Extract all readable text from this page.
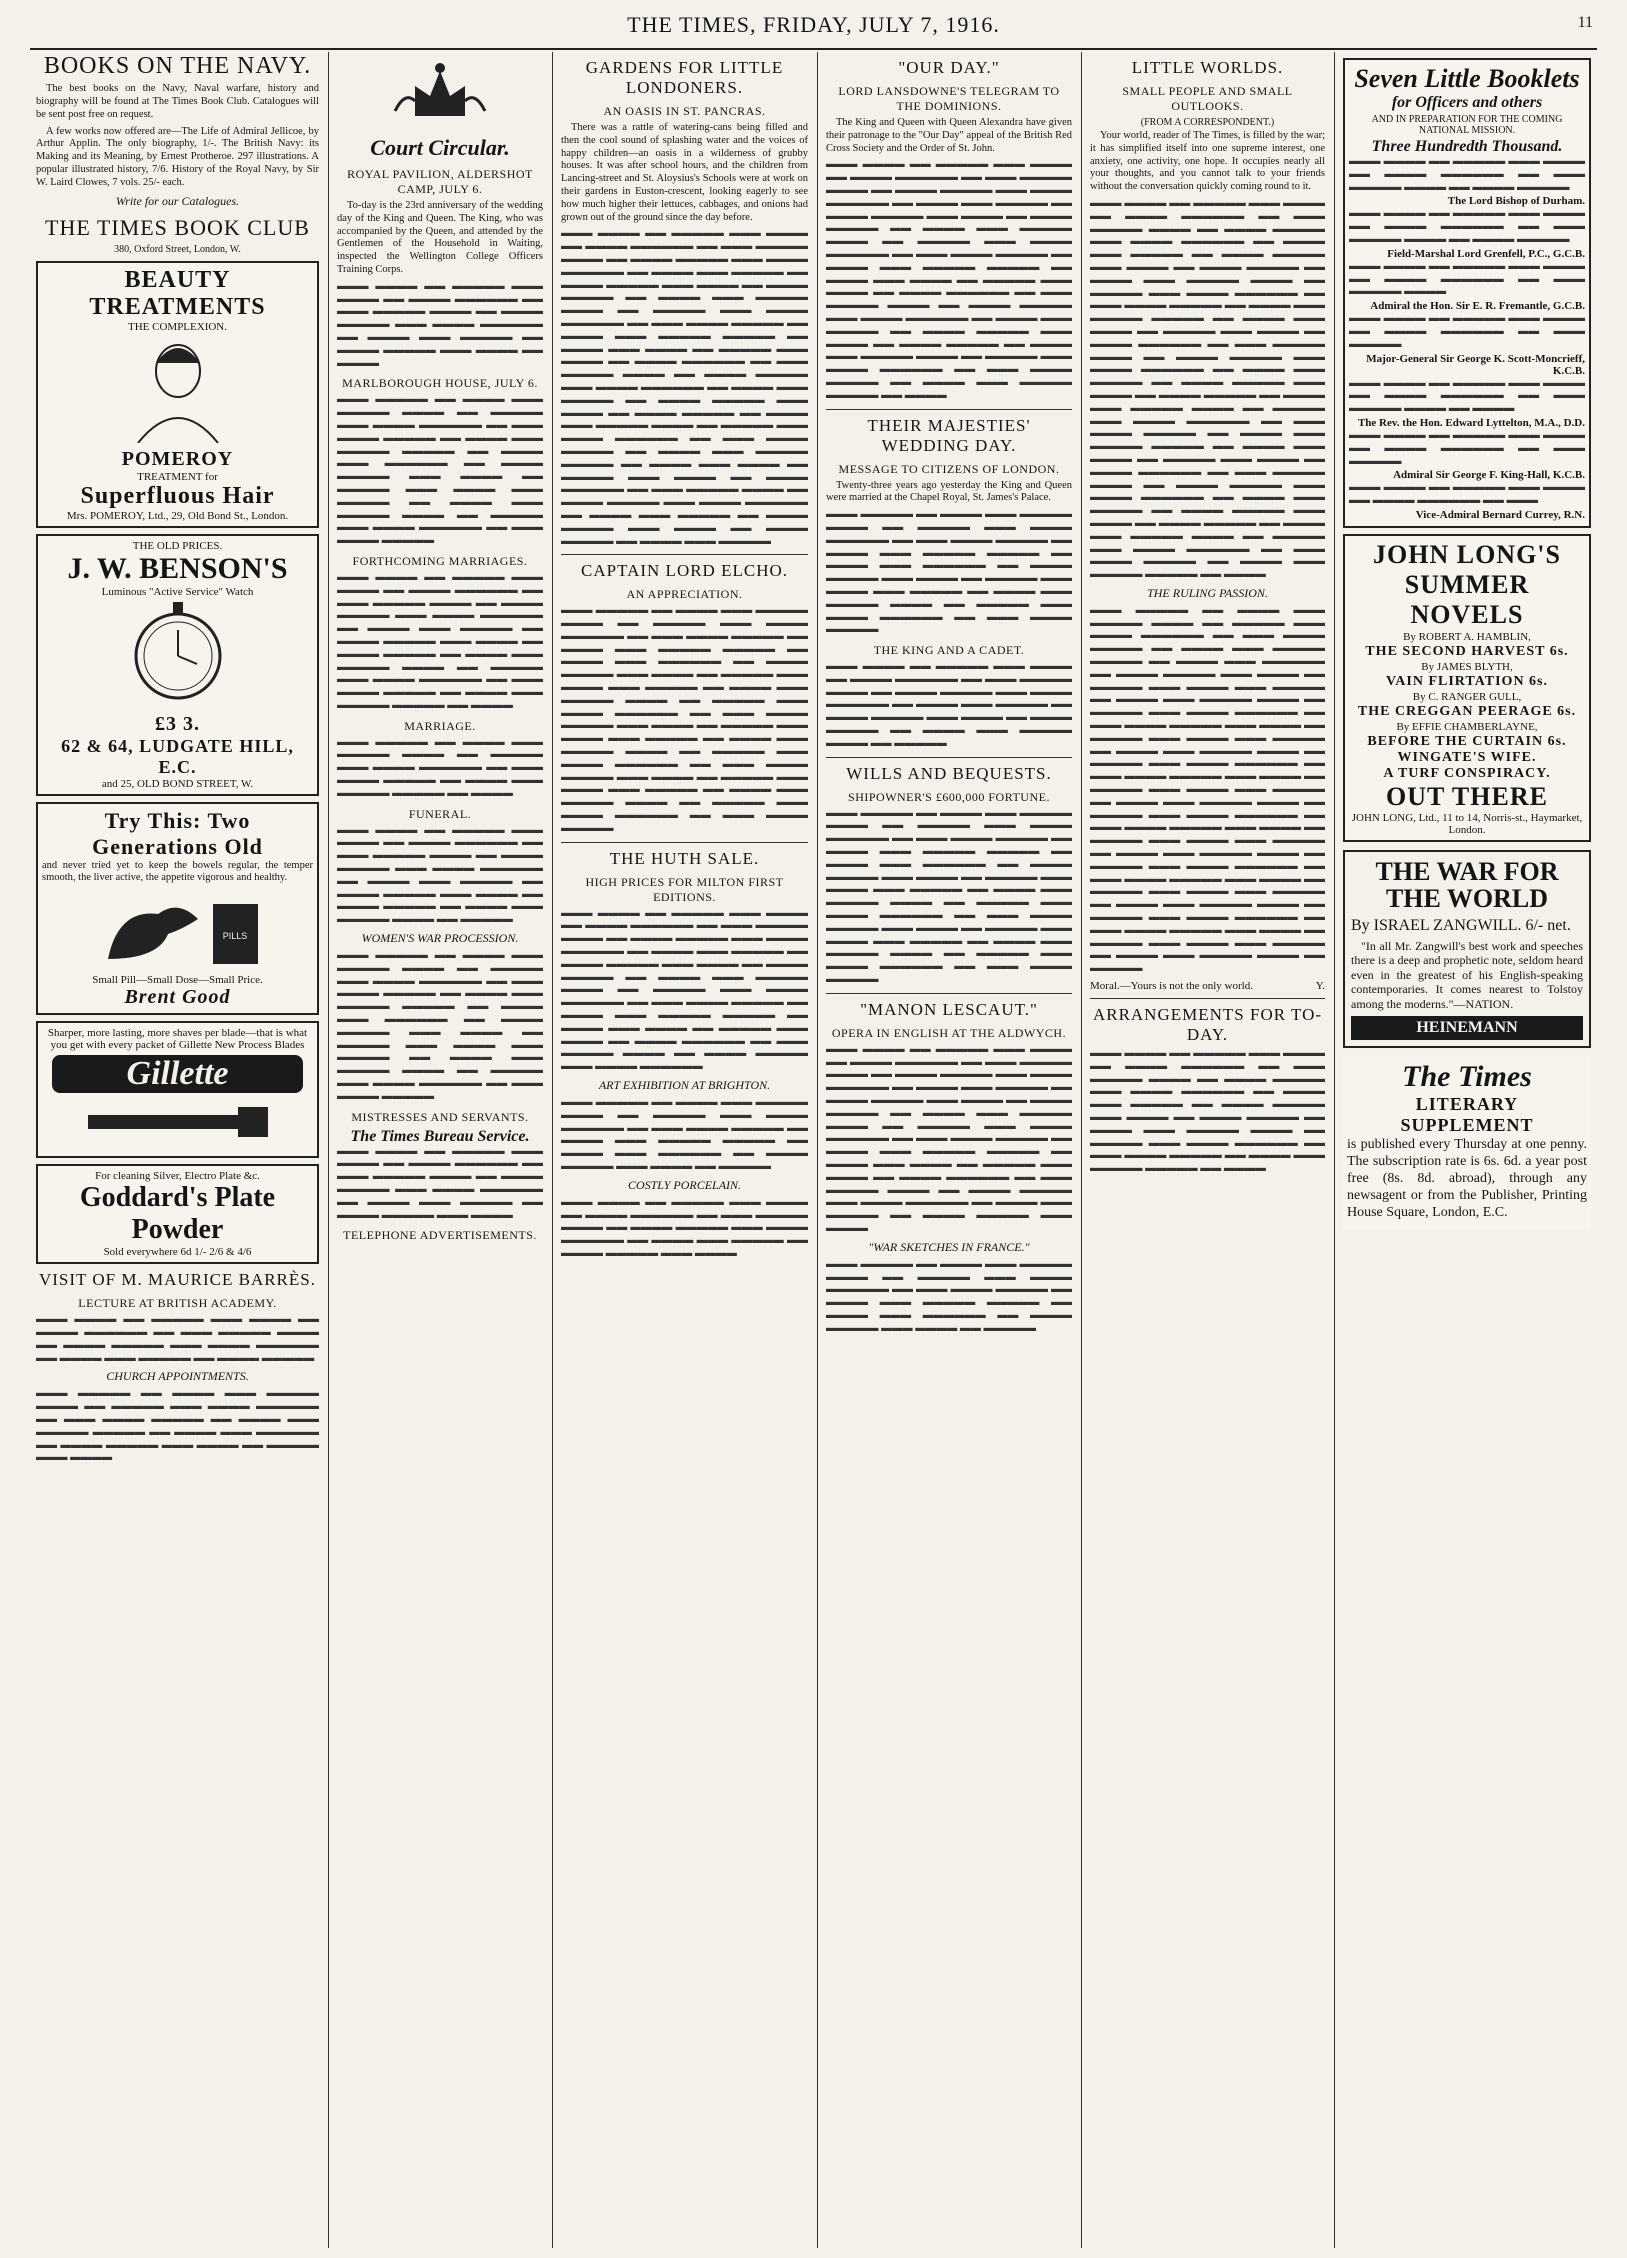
THE TIMES, FRIDAY, JULY 7, 1916.	11
BOOKS ON THE NAVY.

The best books on the Navy, Naval warfare, history and biography will be found at The Times Book Club. Catalogues will be sent post free on request.

A few works now offered are—The Life of Admiral Jellicoe, by Arthur Applin. The only biography, 1/-. The British Navy: its Making and its Meaning, by Ernest Protheroe. 297 illustrations. A popular illustrated history, 7/6. History of the Royal Navy, by Sir W. Laird Clowes, 7 vols. 25/- each.

Write for our Catalogues.
THE TIMES BOOK CLUB
380, Oxford Street, London, W.
BEAUTY TREATMENTS
THE COMPLEXION.
POMEROY
TREATMENT for
Superfluous Hair
Mrs. POMEROY, Ltd., 29, Old Bond St., London.
THE OLD PRICES.
J. W. BENSON'S
Luminous "Active Service" Watch
£3 3.
62 & 64, LUDGATE HILL, E.C.
and 25, OLD BOND STREET, W.
Try This: Two Generations Old

and never tried yet to keep the bowels regular, the temper smooth, the liver active, the appetite vigorous and healthy.

PILLS
Small Pill—Small Dose—Small Price.
Brent Good
Sharper, more lasting, more shaves per blade—that is what you get with every packet of Gillette New Process Blades
Gillette
For cleaning Silver, Electro Plate &c.
Goddard's Plate Powder
Sold everywhere 6d 1/- 2/6 & 4/6
VISIT OF M. MAURICE BARRÈS.
LECTURE AT BRITISH ACADEMY.
▬▬▬ ▬▬▬▬ ▬▬ ▬▬▬▬▬ ▬▬▬ ▬▬▬▬ ▬▬ ▬▬▬▬ ▬▬▬▬▬▬ ▬▬ ▬▬▬ ▬▬▬▬▬ ▬▬▬▬ ▬▬ ▬▬▬▬ ▬▬▬▬▬ ▬▬▬ ▬▬▬▬ ▬▬▬▬▬▬ ▬▬ ▬▬▬▬ ▬▬▬ ▬▬▬▬▬ ▬▬ ▬▬▬▬ ▬▬▬▬▬
CHURCH APPOINTMENTS.
▬▬▬ ▬▬▬▬▬ ▬▬ ▬▬▬▬ ▬▬▬ ▬▬▬▬▬ ▬▬▬▬ ▬▬ ▬▬▬▬▬ ▬▬▬ ▬▬▬▬ ▬▬▬▬▬▬ ▬▬ ▬▬▬ ▬▬▬▬ ▬▬▬▬▬ ▬▬ ▬▬▬▬ ▬▬▬ ▬▬▬▬▬ ▬▬▬▬▬ ▬▬ ▬▬▬▬ ▬▬▬ ▬▬▬▬▬▬ ▬▬ ▬▬▬▬ ▬▬▬▬▬ ▬▬▬ ▬▬▬▬ ▬▬ ▬▬▬▬▬ ▬▬▬ ▬▬▬▬
Court Circular.
ROYAL PAVILION, ALDERSHOT CAMP, JULY 6.

To-day is the 23rd anniversary of the wedding day of the King and Queen. The King, who was accompanied by the Queen, and attended by the Gentlemen of the Household in Waiting, inspected the Wellington College Officers Training Corps.

▬▬▬ ▬▬▬▬ ▬▬ ▬▬▬▬▬ ▬▬▬ ▬▬▬▬ ▬▬ ▬▬▬▬ ▬▬▬▬▬▬ ▬▬ ▬▬▬ ▬▬▬▬▬ ▬▬▬▬ ▬▬ ▬▬▬▬ ▬▬▬▬▬ ▬▬▬ ▬▬▬▬ ▬▬▬▬▬▬ ▬▬ ▬▬▬▬ ▬▬▬ ▬▬▬▬▬ ▬▬ ▬▬▬▬ ▬▬▬▬▬ ▬▬▬ ▬▬▬▬ ▬▬ ▬▬▬▬
MARLBOROUGH HOUSE, JULY 6.
▬▬▬ ▬▬▬▬▬ ▬▬ ▬▬▬▬ ▬▬▬ ▬▬▬▬▬ ▬▬▬▬ ▬▬ ▬▬▬▬▬ ▬▬▬ ▬▬▬▬ ▬▬▬▬▬▬ ▬▬ ▬▬▬ ▬▬▬▬ ▬▬▬▬▬ ▬▬ ▬▬▬▬ ▬▬▬ ▬▬▬▬▬ ▬▬▬▬▬ ▬▬ ▬▬▬▬ ▬▬▬ ▬▬▬▬▬▬ ▬▬ ▬▬▬▬ ▬▬▬▬▬ ▬▬▬ ▬▬▬▬ ▬▬ ▬▬▬▬▬ ▬▬▬ ▬▬▬▬ ▬▬▬ ▬▬▬▬▬ ▬▬ ▬▬▬▬ ▬▬▬ ▬▬▬▬▬ ▬▬▬▬ ▬▬ ▬▬▬▬▬ ▬▬▬ ▬▬▬▬ ▬▬▬▬▬▬ ▬▬ ▬▬▬ ▬▬▬▬ ▬▬▬▬▬
FORTHCOMING MARRIAGES.
▬▬▬ ▬▬▬▬ ▬▬ ▬▬▬▬▬ ▬▬▬ ▬▬▬▬ ▬▬ ▬▬▬▬ ▬▬▬▬▬▬ ▬▬ ▬▬▬ ▬▬▬▬▬ ▬▬▬▬ ▬▬ ▬▬▬▬ ▬▬▬▬▬ ▬▬▬ ▬▬▬▬ ▬▬▬▬▬▬ ▬▬ ▬▬▬▬ ▬▬▬ ▬▬▬▬▬ ▬▬ ▬▬▬▬ ▬▬▬▬▬ ▬▬▬ ▬▬▬▬ ▬▬ ▬▬▬▬ ▬▬▬▬▬ ▬▬ ▬▬▬▬ ▬▬▬ ▬▬▬▬▬ ▬▬▬▬ ▬▬ ▬▬▬▬▬ ▬▬▬ ▬▬▬▬ ▬▬▬▬▬▬ ▬▬ ▬▬▬ ▬▬▬▬ ▬▬▬▬▬ ▬▬ ▬▬▬▬ ▬▬▬ ▬▬▬▬▬ ▬▬▬▬▬ ▬▬ ▬▬▬▬
MARRIAGE.
▬▬▬ ▬▬▬▬▬ ▬▬ ▬▬▬▬ ▬▬▬ ▬▬▬▬▬ ▬▬▬▬ ▬▬ ▬▬▬▬▬ ▬▬▬ ▬▬▬▬ ▬▬▬▬▬▬ ▬▬ ▬▬▬ ▬▬▬▬ ▬▬▬▬▬ ▬▬ ▬▬▬▬ ▬▬▬ ▬▬▬▬▬ ▬▬▬▬▬ ▬▬ ▬▬▬▬
FUNERAL.
▬▬▬ ▬▬▬▬ ▬▬ ▬▬▬▬▬ ▬▬▬ ▬▬▬▬ ▬▬ ▬▬▬▬ ▬▬▬▬▬▬ ▬▬ ▬▬▬ ▬▬▬▬▬ ▬▬▬▬ ▬▬ ▬▬▬▬ ▬▬▬▬▬ ▬▬▬ ▬▬▬▬ ▬▬▬▬▬▬ ▬▬ ▬▬▬▬ ▬▬▬ ▬▬▬▬▬ ▬▬ ▬▬▬▬ ▬▬▬▬▬ ▬▬▬ ▬▬▬▬ ▬▬ ▬▬▬▬ ▬▬▬▬▬ ▬▬ ▬▬▬▬ ▬▬▬ ▬▬▬▬▬ ▬▬▬▬ ▬▬ ▬▬▬▬▬
WOMEN'S WAR PROCESSION.
▬▬▬ ▬▬▬▬▬ ▬▬ ▬▬▬▬ ▬▬▬ ▬▬▬▬▬ ▬▬▬▬ ▬▬ ▬▬▬▬▬ ▬▬▬ ▬▬▬▬ ▬▬▬▬▬▬ ▬▬ ▬▬▬ ▬▬▬▬ ▬▬▬▬▬ ▬▬ ▬▬▬▬ ▬▬▬ ▬▬▬▬▬ ▬▬▬▬▬ ▬▬ ▬▬▬▬ ▬▬▬ ▬▬▬▬▬▬ ▬▬ ▬▬▬▬ ▬▬▬▬▬ ▬▬▬ ▬▬▬▬ ▬▬ ▬▬▬▬▬ ▬▬▬ ▬▬▬▬ ▬▬▬ ▬▬▬▬▬ ▬▬ ▬▬▬▬ ▬▬▬ ▬▬▬▬▬ ▬▬▬▬ ▬▬ ▬▬▬▬▬ ▬▬▬ ▬▬▬▬ ▬▬▬▬▬▬ ▬▬ ▬▬▬ ▬▬▬▬ ▬▬▬▬▬
MISTRESSES AND SERVANTS.
The Times Bureau Service.
▬▬▬ ▬▬▬▬ ▬▬ ▬▬▬▬▬ ▬▬▬ ▬▬▬▬ ▬▬ ▬▬▬▬ ▬▬▬▬▬▬ ▬▬ ▬▬▬ ▬▬▬▬▬ ▬▬▬▬ ▬▬ ▬▬▬▬ ▬▬▬▬▬ ▬▬▬ ▬▬▬▬ ▬▬▬▬▬▬ ▬▬ ▬▬▬▬ ▬▬▬ ▬▬▬▬▬ ▬▬ ▬▬▬▬ ▬▬▬▬▬ ▬▬▬ ▬▬▬▬
TELEPHONE ADVERTISEMENTS.
GARDENS FOR LITTLE LONDONERS.
AN OASIS IN ST. PANCRAS.

There was a rattle of watering-cans being filled and then the cool sound of splashing water and the voices of happy children—an oasis in a wilderness of grubby houses. It was after school hours, and the children from Lancing-street and St. Aloysius's Schools were at work on their gardens in Euston-crescent, looking eagerly to see how much higher their lettuces, cabbages, and onions had grown out of the ground since the day before.

▬▬▬ ▬▬▬▬ ▬▬ ▬▬▬▬▬ ▬▬▬ ▬▬▬▬ ▬▬ ▬▬▬▬ ▬▬▬▬▬▬ ▬▬ ▬▬▬ ▬▬▬▬▬ ▬▬▬▬ ▬▬ ▬▬▬▬ ▬▬▬▬▬ ▬▬▬ ▬▬▬▬ ▬▬▬▬▬▬ ▬▬ ▬▬▬▬ ▬▬▬ ▬▬▬▬▬ ▬▬ ▬▬▬▬ ▬▬▬▬▬ ▬▬▬ ▬▬▬▬ ▬▬ ▬▬▬▬ ▬▬▬▬▬ ▬▬ ▬▬▬▬ ▬▬▬ ▬▬▬▬▬ ▬▬▬▬ ▬▬ ▬▬▬▬▬ ▬▬▬ ▬▬▬▬ ▬▬▬▬▬▬ ▬▬ ▬▬▬ ▬▬▬▬ ▬▬▬▬▬ ▬▬ ▬▬▬▬ ▬▬▬ ▬▬▬▬▬ ▬▬▬▬▬ ▬▬ ▬▬▬▬ ▬▬▬ ▬▬▬▬ ▬▬ ▬▬▬▬▬ ▬▬▬ ▬▬▬▬ ▬▬ ▬▬▬▬ ▬▬▬▬▬▬ ▬▬ ▬▬▬ ▬▬▬▬▬ ▬▬▬▬ ▬▬ ▬▬▬▬ ▬▬▬▬▬ ▬▬▬ ▬▬▬▬ ▬▬▬▬▬▬ ▬▬ ▬▬▬▬ ▬▬▬ ▬▬▬▬▬ ▬▬ ▬▬▬▬ ▬▬▬▬▬ ▬▬▬ ▬▬▬▬ ▬▬ ▬▬▬▬ ▬▬▬▬▬ ▬▬ ▬▬▬▬ ▬▬▬ ▬▬▬▬▬ ▬▬▬▬ ▬▬ ▬▬▬▬▬ ▬▬▬ ▬▬▬▬ ▬▬▬▬▬▬ ▬▬ ▬▬▬ ▬▬▬▬ ▬▬▬▬▬ ▬▬ ▬▬▬▬ ▬▬▬ ▬▬▬▬▬ ▬▬▬▬▬ ▬▬ ▬▬▬▬ ▬▬▬ ▬▬▬▬ ▬▬ ▬▬▬▬▬ ▬▬▬ ▬▬▬▬ ▬▬ ▬▬▬▬ ▬▬▬▬▬▬ ▬▬ ▬▬▬ ▬▬▬▬▬ ▬▬▬▬ ▬▬ ▬▬▬▬ ▬▬▬▬▬ ▬▬▬ ▬▬▬▬ ▬▬▬▬▬▬ ▬▬ ▬▬▬▬ ▬▬▬ ▬▬▬▬▬ ▬▬ ▬▬▬▬ ▬▬▬▬▬ ▬▬▬ ▬▬▬▬ ▬▬ ▬▬▬▬ ▬▬▬▬▬ ▬▬ ▬▬▬▬ ▬▬▬ ▬▬▬▬▬
CAPTAIN LORD ELCHO.
AN APPRECIATION.
▬▬▬ ▬▬▬▬▬ ▬▬ ▬▬▬▬ ▬▬▬ ▬▬▬▬▬ ▬▬▬▬ ▬▬ ▬▬▬▬▬ ▬▬▬ ▬▬▬▬ ▬▬▬▬▬▬ ▬▬ ▬▬▬ ▬▬▬▬ ▬▬▬▬▬ ▬▬ ▬▬▬▬ ▬▬▬ ▬▬▬▬▬ ▬▬▬▬▬ ▬▬ ▬▬▬▬ ▬▬▬ ▬▬▬▬▬▬ ▬▬ ▬▬▬▬ ▬▬▬▬▬ ▬▬▬ ▬▬▬▬ ▬▬ ▬▬▬▬▬ ▬▬▬ ▬▬▬▬ ▬▬▬ ▬▬▬▬▬ ▬▬ ▬▬▬▬ ▬▬▬ ▬▬▬▬▬ ▬▬▬▬ ▬▬ ▬▬▬▬▬ ▬▬▬ ▬▬▬▬ ▬▬▬▬▬▬ ▬▬ ▬▬▬ ▬▬▬▬ ▬▬▬▬▬ ▬▬▬ ▬▬▬▬ ▬▬ ▬▬▬▬▬ ▬▬▬ ▬▬▬▬ ▬▬▬ ▬▬▬▬▬ ▬▬ ▬▬▬▬ ▬▬▬ ▬▬▬▬▬ ▬▬▬▬ ▬▬ ▬▬▬▬▬ ▬▬▬ ▬▬▬▬ ▬▬▬▬▬▬ ▬▬ ▬▬▬ ▬▬▬▬ ▬▬▬▬▬ ▬▬▬ ▬▬▬▬ ▬▬ ▬▬▬▬▬ ▬▬▬ ▬▬▬▬ ▬▬▬ ▬▬▬▬▬ ▬▬ ▬▬▬▬ ▬▬▬ ▬▬▬▬▬ ▬▬▬▬ ▬▬ ▬▬▬▬▬ ▬▬▬ ▬▬▬▬ ▬▬▬▬▬▬ ▬▬ ▬▬▬ ▬▬▬▬ ▬▬▬▬▬
THE HUTH SALE.
HIGH PRICES FOR MILTON FIRST EDITIONS.
▬▬▬ ▬▬▬▬ ▬▬ ▬▬▬▬▬ ▬▬▬ ▬▬▬▬ ▬▬ ▬▬▬▬ ▬▬▬▬▬▬ ▬▬ ▬▬▬ ▬▬▬▬▬ ▬▬▬▬ ▬▬ ▬▬▬▬ ▬▬▬▬▬ ▬▬▬ ▬▬▬▬ ▬▬▬▬▬▬ ▬▬ ▬▬▬▬ ▬▬▬ ▬▬▬▬▬ ▬▬ ▬▬▬▬ ▬▬▬▬▬ ▬▬▬ ▬▬▬▬ ▬▬ ▬▬▬▬ ▬▬▬▬▬ ▬▬ ▬▬▬▬ ▬▬▬ ▬▬▬▬▬ ▬▬▬▬ ▬▬ ▬▬▬▬▬ ▬▬▬ ▬▬▬▬ ▬▬▬▬▬▬ ▬▬ ▬▬▬ ▬▬▬▬ ▬▬▬▬▬ ▬▬ ▬▬▬▬ ▬▬▬ ▬▬▬▬▬ ▬▬▬▬▬ ▬▬ ▬▬▬▬ ▬▬▬ ▬▬▬▬ ▬▬ ▬▬▬▬▬ ▬▬▬ ▬▬▬▬ ▬▬ ▬▬▬▬ ▬▬▬▬▬▬ ▬▬ ▬▬▬ ▬▬▬▬▬ ▬▬▬▬ ▬▬ ▬▬▬▬ ▬▬▬▬▬ ▬▬▬ ▬▬▬▬ ▬▬▬▬▬▬
ART EXHIBITION AT BRIGHTON.
▬▬▬ ▬▬▬▬▬ ▬▬ ▬▬▬▬ ▬▬▬ ▬▬▬▬▬ ▬▬▬▬ ▬▬ ▬▬▬▬▬ ▬▬▬ ▬▬▬▬ ▬▬▬▬▬▬ ▬▬ ▬▬▬ ▬▬▬▬ ▬▬▬▬▬ ▬▬ ▬▬▬▬ ▬▬▬ ▬▬▬▬▬ ▬▬▬▬▬ ▬▬ ▬▬▬▬ ▬▬▬ ▬▬▬▬▬▬ ▬▬ ▬▬▬▬ ▬▬▬▬▬ ▬▬▬ ▬▬▬▬ ▬▬ ▬▬▬▬▬
COSTLY PORCELAIN.
▬▬▬ ▬▬▬▬ ▬▬ ▬▬▬▬▬ ▬▬▬ ▬▬▬▬ ▬▬ ▬▬▬▬ ▬▬▬▬▬▬ ▬▬ ▬▬▬ ▬▬▬▬▬ ▬▬▬▬ ▬▬ ▬▬▬▬ ▬▬▬▬▬ ▬▬▬ ▬▬▬▬ ▬▬▬▬▬▬ ▬▬ ▬▬▬▬ ▬▬▬ ▬▬▬▬▬ ▬▬ ▬▬▬▬ ▬▬▬▬▬ ▬▬▬ ▬▬▬▬
"OUR DAY."
LORD LANSDOWNE'S TELEGRAM TO THE DOMINIONS.

The King and Queen with Queen Alexandra have given their patronage to the "Our Day" appeal of the British Red Cross Society and the Order of St. John.

▬▬▬ ▬▬▬▬ ▬▬ ▬▬▬▬▬ ▬▬▬ ▬▬▬▬ ▬▬ ▬▬▬▬ ▬▬▬▬▬▬ ▬▬ ▬▬▬ ▬▬▬▬▬ ▬▬▬▬ ▬▬ ▬▬▬▬ ▬▬▬▬▬ ▬▬▬ ▬▬▬▬ ▬▬▬▬▬▬ ▬▬ ▬▬▬▬ ▬▬▬ ▬▬▬▬▬ ▬▬ ▬▬▬▬ ▬▬▬▬▬ ▬▬▬ ▬▬▬▬ ▬▬ ▬▬▬▬ ▬▬▬▬▬ ▬▬ ▬▬▬▬ ▬▬▬ ▬▬▬▬▬ ▬▬▬▬ ▬▬ ▬▬▬▬▬ ▬▬▬ ▬▬▬▬ ▬▬▬▬▬▬ ▬▬ ▬▬▬ ▬▬▬▬ ▬▬▬▬▬ ▬▬ ▬▬▬▬ ▬▬▬ ▬▬▬▬▬ ▬▬▬▬▬ ▬▬ ▬▬▬▬ ▬▬▬ ▬▬▬▬ ▬▬ ▬▬▬▬▬ ▬▬▬ ▬▬▬▬ ▬▬ ▬▬▬▬ ▬▬▬▬▬▬ ▬▬ ▬▬▬ ▬▬▬▬▬ ▬▬▬▬ ▬▬ ▬▬▬▬ ▬▬▬▬▬ ▬▬▬ ▬▬▬▬ ▬▬▬▬▬▬ ▬▬ ▬▬▬▬ ▬▬▬ ▬▬▬▬▬ ▬▬ ▬▬▬▬ ▬▬▬▬▬ ▬▬▬ ▬▬▬▬ ▬▬ ▬▬▬▬ ▬▬▬▬▬ ▬▬ ▬▬▬▬ ▬▬▬ ▬▬▬▬▬ ▬▬▬▬ ▬▬ ▬▬▬▬▬ ▬▬▬ ▬▬▬▬ ▬▬▬▬▬▬ ▬▬ ▬▬▬ ▬▬▬▬ ▬▬▬▬▬ ▬▬ ▬▬▬▬ ▬▬▬ ▬▬▬▬▬ ▬▬▬▬▬ ▬▬ ▬▬▬▬
THEIR MAJESTIES' WEDDING DAY.
MESSAGE TO CITIZENS OF LONDON.

Twenty-three years ago yesterday the King and Queen were married at the Chapel Royal, St. James's Palace.

▬▬▬ ▬▬▬▬▬ ▬▬ ▬▬▬▬ ▬▬▬ ▬▬▬▬▬ ▬▬▬▬ ▬▬ ▬▬▬▬▬ ▬▬▬ ▬▬▬▬ ▬▬▬▬▬▬ ▬▬ ▬▬▬ ▬▬▬▬ ▬▬▬▬▬ ▬▬ ▬▬▬▬ ▬▬▬ ▬▬▬▬▬ ▬▬▬▬▬ ▬▬ ▬▬▬▬ ▬▬▬ ▬▬▬▬▬▬ ▬▬ ▬▬▬▬ ▬▬▬▬▬ ▬▬▬ ▬▬▬▬ ▬▬ ▬▬▬▬▬ ▬▬▬ ▬▬▬▬ ▬▬▬ ▬▬▬▬▬ ▬▬ ▬▬▬▬ ▬▬▬ ▬▬▬▬▬ ▬▬▬▬ ▬▬ ▬▬▬▬▬ ▬▬▬ ▬▬▬▬ ▬▬▬▬▬▬ ▬▬ ▬▬▬ ▬▬▬▬ ▬▬▬▬▬
THE KING AND A CADET.
▬▬▬ ▬▬▬▬ ▬▬ ▬▬▬▬▬ ▬▬▬ ▬▬▬▬ ▬▬ ▬▬▬▬ ▬▬▬▬▬▬ ▬▬ ▬▬▬ ▬▬▬▬▬ ▬▬▬▬ ▬▬ ▬▬▬▬ ▬▬▬▬▬ ▬▬▬ ▬▬▬▬ ▬▬▬▬▬▬ ▬▬ ▬▬▬▬ ▬▬▬ ▬▬▬▬▬ ▬▬ ▬▬▬▬ ▬▬▬▬▬ ▬▬▬ ▬▬▬▬ ▬▬ ▬▬▬▬ ▬▬▬▬▬ ▬▬ ▬▬▬▬ ▬▬▬ ▬▬▬▬▬ ▬▬▬▬ ▬▬ ▬▬▬▬▬
WILLS AND BEQUESTS.
SHIPOWNER'S £600,000 FORTUNE.
▬▬▬ ▬▬▬▬▬ ▬▬ ▬▬▬▬ ▬▬▬ ▬▬▬▬▬ ▬▬▬▬ ▬▬ ▬▬▬▬▬ ▬▬▬ ▬▬▬▬ ▬▬▬▬▬▬ ▬▬ ▬▬▬ ▬▬▬▬ ▬▬▬▬▬ ▬▬ ▬▬▬▬ ▬▬▬ ▬▬▬▬▬ ▬▬▬▬▬ ▬▬ ▬▬▬▬ ▬▬▬ ▬▬▬▬▬▬ ▬▬ ▬▬▬▬ ▬▬▬▬▬ ▬▬▬ ▬▬▬▬ ▬▬ ▬▬▬▬▬ ▬▬▬ ▬▬▬▬ ▬▬▬ ▬▬▬▬▬ ▬▬ ▬▬▬▬ ▬▬▬ ▬▬▬▬▬ ▬▬▬▬ ▬▬ ▬▬▬▬▬ ▬▬▬ ▬▬▬▬ ▬▬▬▬▬▬ ▬▬ ▬▬▬ ▬▬▬▬ ▬▬▬▬▬ ▬▬▬ ▬▬▬▬ ▬▬ ▬▬▬▬▬ ▬▬▬ ▬▬▬▬ ▬▬▬ ▬▬▬▬▬ ▬▬ ▬▬▬▬ ▬▬▬ ▬▬▬▬▬ ▬▬▬▬ ▬▬ ▬▬▬▬▬ ▬▬▬ ▬▬▬▬ ▬▬▬▬▬▬ ▬▬ ▬▬▬ ▬▬▬▬ ▬▬▬▬▬
"MANON LESCAUT."
OPERA IN ENGLISH AT THE ALDWYCH.
▬▬▬ ▬▬▬▬ ▬▬ ▬▬▬▬▬ ▬▬▬ ▬▬▬▬ ▬▬ ▬▬▬▬ ▬▬▬▬▬▬ ▬▬ ▬▬▬ ▬▬▬▬▬ ▬▬▬▬ ▬▬ ▬▬▬▬ ▬▬▬▬▬ ▬▬▬ ▬▬▬▬ ▬▬▬▬▬▬ ▬▬ ▬▬▬▬ ▬▬▬ ▬▬▬▬▬ ▬▬ ▬▬▬▬ ▬▬▬▬▬ ▬▬▬ ▬▬▬▬ ▬▬ ▬▬▬▬ ▬▬▬▬▬ ▬▬ ▬▬▬▬ ▬▬▬ ▬▬▬▬▬ ▬▬▬▬ ▬▬ ▬▬▬▬▬ ▬▬▬ ▬▬▬▬ ▬▬▬▬▬▬ ▬▬ ▬▬▬ ▬▬▬▬ ▬▬▬▬▬ ▬▬ ▬▬▬▬ ▬▬▬ ▬▬▬▬▬ ▬▬▬▬▬ ▬▬ ▬▬▬▬ ▬▬▬ ▬▬▬▬ ▬▬ ▬▬▬▬▬ ▬▬▬ ▬▬▬▬ ▬▬ ▬▬▬▬ ▬▬▬▬▬▬ ▬▬ ▬▬▬ ▬▬▬▬▬ ▬▬▬▬ ▬▬ ▬▬▬▬ ▬▬▬▬▬ ▬▬▬ ▬▬▬▬ ▬▬▬▬▬▬ ▬▬ ▬▬▬▬ ▬▬▬ ▬▬▬▬▬ ▬▬ ▬▬▬▬ ▬▬▬▬▬ ▬▬▬ ▬▬▬▬
"WAR SKETCHES IN FRANCE."
▬▬▬ ▬▬▬▬▬ ▬▬ ▬▬▬▬ ▬▬▬ ▬▬▬▬▬ ▬▬▬▬ ▬▬ ▬▬▬▬▬ ▬▬▬ ▬▬▬▬ ▬▬▬▬▬▬ ▬▬ ▬▬▬ ▬▬▬▬ ▬▬▬▬▬ ▬▬ ▬▬▬▬ ▬▬▬ ▬▬▬▬▬ ▬▬▬▬▬ ▬▬ ▬▬▬▬ ▬▬▬ ▬▬▬▬▬▬ ▬▬ ▬▬▬▬ ▬▬▬▬▬ ▬▬▬ ▬▬▬▬ ▬▬ ▬▬▬▬▬
LITTLE WORLDS.
SMALL PEOPLE AND SMALL OUTLOOKS.
(FROM A CORRESPONDENT.)

Your world, reader of The Times, is filled by the war; it has simplified itself into one supreme interest, one anxiety, one activity, one hope. It occupies nearly all your thoughts, and you cannot talk to your friends without the conversation quickly coming round to it.

▬▬▬ ▬▬▬▬ ▬▬ ▬▬▬▬▬ ▬▬▬ ▬▬▬▬ ▬▬ ▬▬▬▬ ▬▬▬▬▬▬ ▬▬ ▬▬▬ ▬▬▬▬▬ ▬▬▬▬ ▬▬ ▬▬▬▬ ▬▬▬▬▬ ▬▬▬ ▬▬▬▬ ▬▬▬▬▬▬ ▬▬ ▬▬▬▬ ▬▬▬ ▬▬▬▬▬ ▬▬ ▬▬▬▬ ▬▬▬▬▬ ▬▬▬ ▬▬▬▬ ▬▬ ▬▬▬▬ ▬▬▬▬▬ ▬▬ ▬▬▬▬ ▬▬▬ ▬▬▬▬▬ ▬▬▬▬ ▬▬ ▬▬▬▬▬ ▬▬▬ ▬▬▬▬ ▬▬▬▬▬▬ ▬▬ ▬▬▬ ▬▬▬▬ ▬▬▬▬▬ ▬▬ ▬▬▬▬ ▬▬▬ ▬▬▬▬▬ ▬▬▬▬▬ ▬▬ ▬▬▬▬ ▬▬▬ ▬▬▬▬ ▬▬ ▬▬▬▬▬ ▬▬▬ ▬▬▬▬ ▬▬ ▬▬▬▬ ▬▬▬▬▬▬ ▬▬ ▬▬▬ ▬▬▬▬▬ ▬▬▬▬ ▬▬ ▬▬▬▬ ▬▬▬▬▬ ▬▬▬ ▬▬▬▬ ▬▬▬▬▬▬ ▬▬ ▬▬▬▬ ▬▬▬ ▬▬▬▬▬ ▬▬ ▬▬▬▬ ▬▬▬▬▬ ▬▬▬ ▬▬▬▬ ▬▬ ▬▬▬▬ ▬▬▬▬▬ ▬▬ ▬▬▬▬ ▬▬▬ ▬▬▬▬▬ ▬▬▬▬ ▬▬ ▬▬▬▬▬ ▬▬▬ ▬▬▬▬ ▬▬▬▬▬▬ ▬▬ ▬▬▬ ▬▬▬▬ ▬▬▬▬▬ ▬▬ ▬▬▬▬ ▬▬▬ ▬▬▬▬▬ ▬▬▬▬▬ ▬▬ ▬▬▬▬ ▬▬▬ ▬▬▬▬ ▬▬ ▬▬▬▬▬ ▬▬▬ ▬▬▬▬ ▬▬ ▬▬▬▬ ▬▬▬▬▬▬ ▬▬ ▬▬▬ ▬▬▬▬▬ ▬▬▬▬ ▬▬ ▬▬▬▬ ▬▬▬▬▬ ▬▬▬ ▬▬▬▬ ▬▬▬▬▬▬ ▬▬ ▬▬▬▬ ▬▬▬ ▬▬▬▬▬ ▬▬ ▬▬▬▬ ▬▬▬▬▬ ▬▬▬ ▬▬▬▬ ▬▬ ▬▬▬▬ ▬▬▬▬▬ ▬▬ ▬▬▬▬ ▬▬▬ ▬▬▬▬▬ ▬▬▬▬ ▬▬ ▬▬▬▬▬ ▬▬▬ ▬▬▬▬ ▬▬▬▬▬▬ ▬▬ ▬▬▬ ▬▬▬▬ ▬▬▬▬▬ ▬▬ ▬▬▬▬ ▬▬▬ ▬▬▬▬▬ ▬▬▬▬▬ ▬▬ ▬▬▬▬
THE RULING PASSION.
▬▬▬ ▬▬▬▬▬ ▬▬ ▬▬▬▬ ▬▬▬ ▬▬▬▬▬ ▬▬▬▬ ▬▬ ▬▬▬▬▬ ▬▬▬ ▬▬▬▬ ▬▬▬▬▬▬ ▬▬ ▬▬▬ ▬▬▬▬ ▬▬▬▬▬ ▬▬ ▬▬▬▬ ▬▬▬ ▬▬▬▬▬ ▬▬▬▬▬ ▬▬ ▬▬▬▬ ▬▬▬ ▬▬▬▬▬▬ ▬▬ ▬▬▬▬ ▬▬▬▬▬ ▬▬▬ ▬▬▬▬ ▬▬ ▬▬▬▬▬ ▬▬▬ ▬▬▬▬ ▬▬▬ ▬▬▬▬▬ ▬▬ ▬▬▬▬ ▬▬▬ ▬▬▬▬▬ ▬▬▬▬ ▬▬ ▬▬▬▬▬ ▬▬▬ ▬▬▬▬ ▬▬▬▬▬▬ ▬▬ ▬▬▬ ▬▬▬▬ ▬▬▬▬▬ ▬▬▬ ▬▬▬▬ ▬▬ ▬▬▬▬▬ ▬▬▬ ▬▬▬▬ ▬▬▬ ▬▬▬▬▬ ▬▬ ▬▬▬▬ ▬▬▬ ▬▬▬▬▬ ▬▬▬▬ ▬▬ ▬▬▬▬▬ ▬▬▬ ▬▬▬▬ ▬▬▬▬▬▬ ▬▬ ▬▬▬ ▬▬▬▬ ▬▬▬▬▬ ▬▬▬ ▬▬▬▬ ▬▬ ▬▬▬▬▬ ▬▬▬ ▬▬▬▬ ▬▬▬ ▬▬▬▬▬ ▬▬ ▬▬▬▬ ▬▬▬ ▬▬▬▬▬ ▬▬▬▬ ▬▬ ▬▬▬▬▬ ▬▬▬ ▬▬▬▬ ▬▬▬▬▬▬ ▬▬ ▬▬▬ ▬▬▬▬ ▬▬▬▬▬ ▬▬▬ ▬▬▬▬ ▬▬ ▬▬▬▬▬ ▬▬▬ ▬▬▬▬ ▬▬▬ ▬▬▬▬▬ ▬▬ ▬▬▬▬ ▬▬▬ ▬▬▬▬▬ ▬▬▬▬ ▬▬ ▬▬▬▬▬ ▬▬▬ ▬▬▬▬ ▬▬▬▬▬▬ ▬▬ ▬▬▬ ▬▬▬▬ ▬▬▬▬▬ ▬▬▬ ▬▬▬▬ ▬▬ ▬▬▬▬▬ ▬▬▬ ▬▬▬▬ ▬▬▬ ▬▬▬▬▬ ▬▬ ▬▬▬▬ ▬▬▬ ▬▬▬▬▬ ▬▬▬▬ ▬▬ ▬▬▬▬▬ ▬▬▬ ▬▬▬▬ ▬▬▬▬▬▬ ▬▬ ▬▬▬ ▬▬▬▬ ▬▬▬▬▬ ▬▬▬ ▬▬▬▬ ▬▬ ▬▬▬▬▬ ▬▬▬ ▬▬▬▬ ▬▬▬ ▬▬▬▬▬ ▬▬ ▬▬▬▬ ▬▬▬ ▬▬▬▬▬ ▬▬▬▬ ▬▬ ▬▬▬▬▬
Moral.—Yours is not the only world.	Y.
ARRANGEMENTS FOR TO-DAY.
▬▬▬ ▬▬▬▬ ▬▬ ▬▬▬▬▬ ▬▬▬ ▬▬▬▬ ▬▬ ▬▬▬▬ ▬▬▬▬▬▬ ▬▬ ▬▬▬ ▬▬▬▬▬ ▬▬▬▬ ▬▬ ▬▬▬▬ ▬▬▬▬▬ ▬▬▬ ▬▬▬▬ ▬▬▬▬▬▬ ▬▬ ▬▬▬▬ ▬▬▬ ▬▬▬▬▬ ▬▬ ▬▬▬▬ ▬▬▬▬▬ ▬▬▬ ▬▬▬▬ ▬▬ ▬▬▬▬ ▬▬▬▬▬ ▬▬ ▬▬▬▬ ▬▬▬ ▬▬▬▬▬ ▬▬▬▬ ▬▬ ▬▬▬▬▬ ▬▬▬ ▬▬▬▬ ▬▬▬▬▬▬ ▬▬ ▬▬▬ ▬▬▬▬ ▬▬▬▬▬ ▬▬ ▬▬▬▬ ▬▬▬ ▬▬▬▬▬ ▬▬▬▬▬ ▬▬ ▬▬▬▬
Seven Little Booklets
for Officers and others
AND IN PREPARATION FOR THE COMING NATIONAL MISSION.
Three Hundredth Thousand.
▬▬▬ ▬▬▬▬ ▬▬ ▬▬▬▬▬ ▬▬▬ ▬▬▬▬ ▬▬ ▬▬▬▬ ▬▬▬▬▬▬ ▬▬ ▬▬▬ ▬▬▬▬▬ ▬▬▬▬ ▬▬ ▬▬▬▬ ▬▬▬▬▬
The Lord Bishop of Durham.
▬▬▬ ▬▬▬▬ ▬▬ ▬▬▬▬▬ ▬▬▬ ▬▬▬▬ ▬▬ ▬▬▬▬ ▬▬▬▬▬▬ ▬▬ ▬▬▬ ▬▬▬▬▬ ▬▬▬▬ ▬▬ ▬▬▬▬ ▬▬▬▬▬
Field-Marshal Lord Grenfell, P.C., G.C.B.
▬▬▬ ▬▬▬▬ ▬▬ ▬▬▬▬▬ ▬▬▬ ▬▬▬▬ ▬▬ ▬▬▬▬ ▬▬▬▬▬▬ ▬▬ ▬▬▬ ▬▬▬▬▬ ▬▬▬▬
Admiral the Hon. Sir E. R. Fremantle, G.C.B.
▬▬▬ ▬▬▬▬ ▬▬ ▬▬▬▬▬ ▬▬▬ ▬▬▬▬ ▬▬ ▬▬▬▬ ▬▬▬▬▬▬ ▬▬ ▬▬▬ ▬▬▬▬▬
Major-General Sir George K. Scott-Moncrieff, K.C.B.
▬▬▬ ▬▬▬▬ ▬▬ ▬▬▬▬▬ ▬▬▬ ▬▬▬▬ ▬▬ ▬▬▬▬ ▬▬▬▬▬▬ ▬▬ ▬▬▬ ▬▬▬▬▬ ▬▬▬▬ ▬▬ ▬▬▬▬
The Rev. the Hon. Edward Lyttelton, M.A., D.D.
▬▬▬ ▬▬▬▬ ▬▬ ▬▬▬▬▬ ▬▬▬ ▬▬▬▬ ▬▬ ▬▬▬▬ ▬▬▬▬▬▬ ▬▬ ▬▬▬ ▬▬▬▬▬
Admiral Sir George F. King-Hall, K.C.B.
▬▬▬ ▬▬▬▬ ▬▬ ▬▬▬▬▬ ▬▬▬ ▬▬▬▬ ▬▬ ▬▬▬▬ ▬▬▬▬▬▬ ▬▬ ▬▬▬
Vice-Admiral Bernard Currey, R.N.
JOHN LONG'S
SUMMER NOVELS
By ROBERT A. HAMBLIN,
THE SECOND HARVEST 6s.
By JAMES BLYTH,
VAIN FLIRTATION 6s.
By C. RANGER GULL,
THE CREGGAN PEERAGE 6s.
By EFFIE CHAMBERLAYNE,
BEFORE THE CURTAIN 6s.
WINGATE'S WIFE.
A TURF CONSPIRACY.
OUT THERE
JOHN LONG, Ltd., 11 to 14, Norris-st., Haymarket, London.
THE WAR FOR THE WORLD
By ISRAEL ZANGWILL. 6/- net.

"In all Mr. Zangwill's best work and speeches there is a deep and prophetic note, seldom heard even in the greatest of his English-speaking contemporaries. It comes nearest to Tolstoy among the moderns."—NATION.

HEINEMANN
The Times
LITERARY SUPPLEMENT

is published every Thursday at one penny. The subscription rate is 6s. 6d. a year post free (8s. 8d. abroad), through any newsagent or from the Publisher, Printing House Square, London, E.C.
